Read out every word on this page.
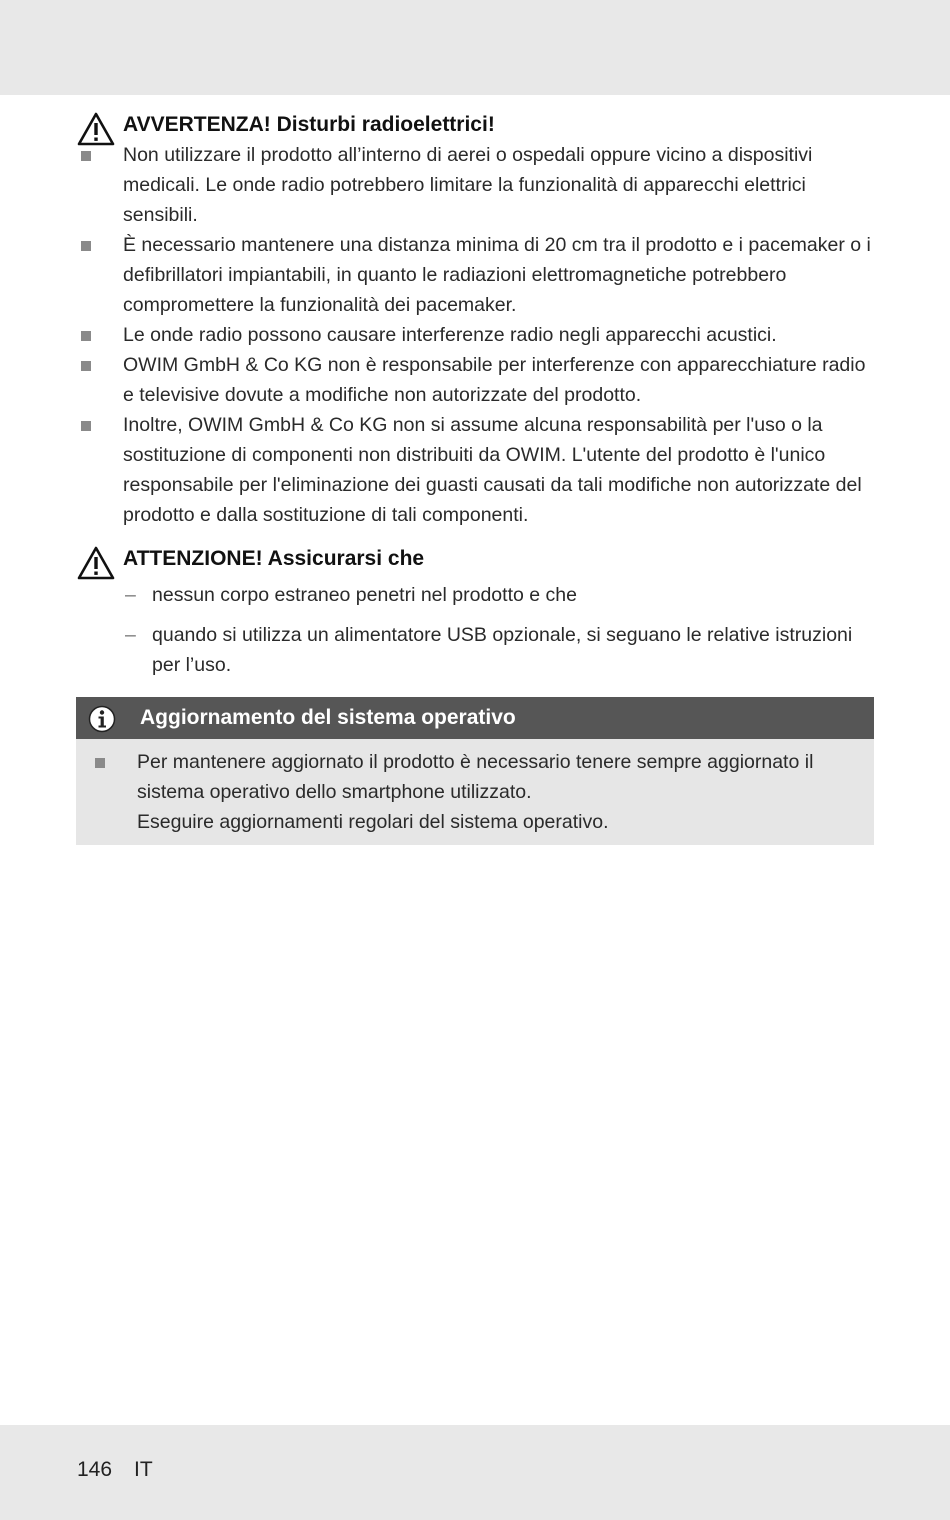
AVVERTENZA! Disturbi radioelettrici!
Non utilizzare il prodotto all’interno di aerei o ospedali oppure vicino a dispositivi medicali. Le onde radio potrebbero limitare la funzionalità di apparecchi elettrici sensibili.
È necessario mantenere una distanza minima di 20 cm tra il prodotto e i pacemaker o i defibrillatori impiantabili, in quanto le radiazioni elettromagnetiche potrebbero compromettere la funzionalità dei pacemaker.
Le onde radio possono causare interferenze radio negli apparecchi acustici.
OWIM GmbH & Co KG non è responsabile per interferenze con apparecchiature radio e televisive dovute a modifiche non autorizzate del prodotto.
Inoltre, OWIM GmbH & Co KG non si assume alcuna responsabilità per l'uso o la sostituzione di componenti non distribuiti da OWIM. L'utente del prodotto è l'unico responsabile per l'eliminazione dei guasti causati da tali modifiche non autorizzate del prodotto e dalla sostituzione di tali componenti.
ATTENZIONE! Assicurarsi che
– nessun corpo estraneo penetri nel prodotto e che
– quando si utilizza un alimentatore USB opzionale, si seguano le relative istruzioni per l’uso.
Aggiornamento del sistema operativo
Per mantenere aggiornato il prodotto è necessario tenere sempre aggiornato il sistema operativo dello smartphone utilizzato.
Eseguire aggiornamenti regolari del sistema operativo.
146 IT
